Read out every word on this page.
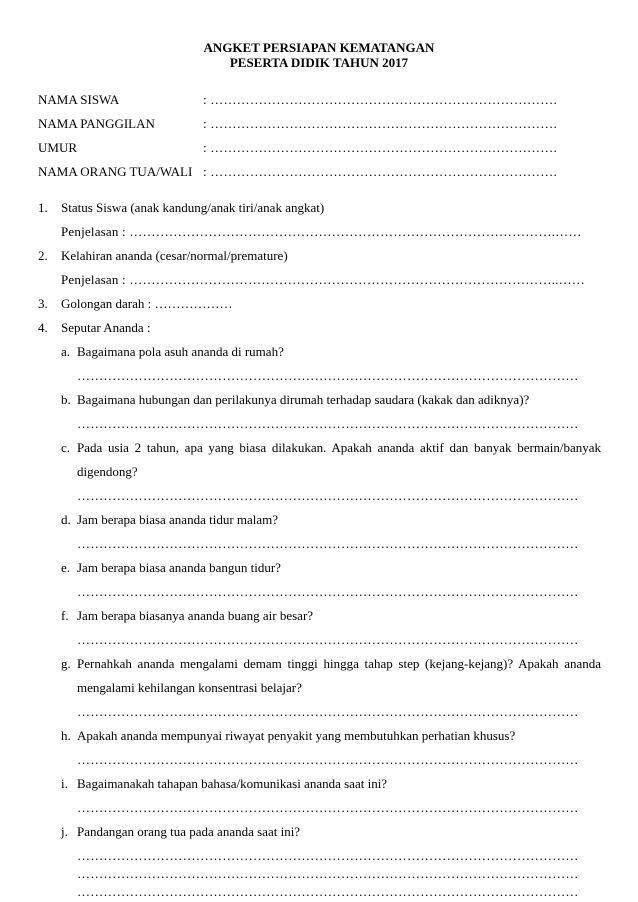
ANGKET PERSIAPAN KEMATANGAN
PESERTA DIDIK TAHUN 2017
NAMA SISWA	: …………………………………………………………………….
NAMA PANGGILAN	: …………………………………………………………………….
UMUR	: …………………………………………………………………….
NAMA ORANG TUA/WALI : …………………………………………………………………….
1. Status Siswa (anak kandung/anak tiri/anak angkat)
Penjelasan : …………………………………………………………………………………….……
2. Kelahiran ananda (cesar/normal/premature)
Penjelasan : ……………………………………………………………………………………..……
3. Golongan darah : ………………
4. Seputar Ananda :
a. Bagaimana pola asuh ananda di rumah?
……………………………………………………………………………………………………
b. Bagaimana hubungan dan perilakunya dirumah terhadap saudara (kakak dan adiknya)?
……………………………………………………………………………………………………
c. Pada usia 2 tahun, apa yang biasa dilakukan. Apakah ananda aktif dan banyak bermain/banyak
digendong?
……………………………………………………………………………………………………
d. Jam berapa biasa ananda tidur malam?
……………………………………………………………………………………………………
e. Jam berapa biasa ananda bangun tidur?
……………………………………………………………………………………………………
f. Jam berapa biasanya ananda buang air besar?
……………………………………………………………………………………………………
g. Pernahkah ananda mengalami demam tinggi hingga tahap step (kejang-kejang)? Apakah ananda
mengalami kehilangan konsentrasi belajar?
……………………………………………………………………………………………………
h. Apakah ananda mempunyai riwayat penyakit yang membutuhkan perhatian khusus?
……………………………………………………………………………………………………
i. Bagaimanakah tahapan bahasa/komunikasi ananda saat ini?
……………………………………………………………………………………………………
j. Pandangan orang tua pada ananda saat ini?
……………………………………………………………………………………………………
……………………………………………………………………………………………………
……………………………………………………………………………………………………
